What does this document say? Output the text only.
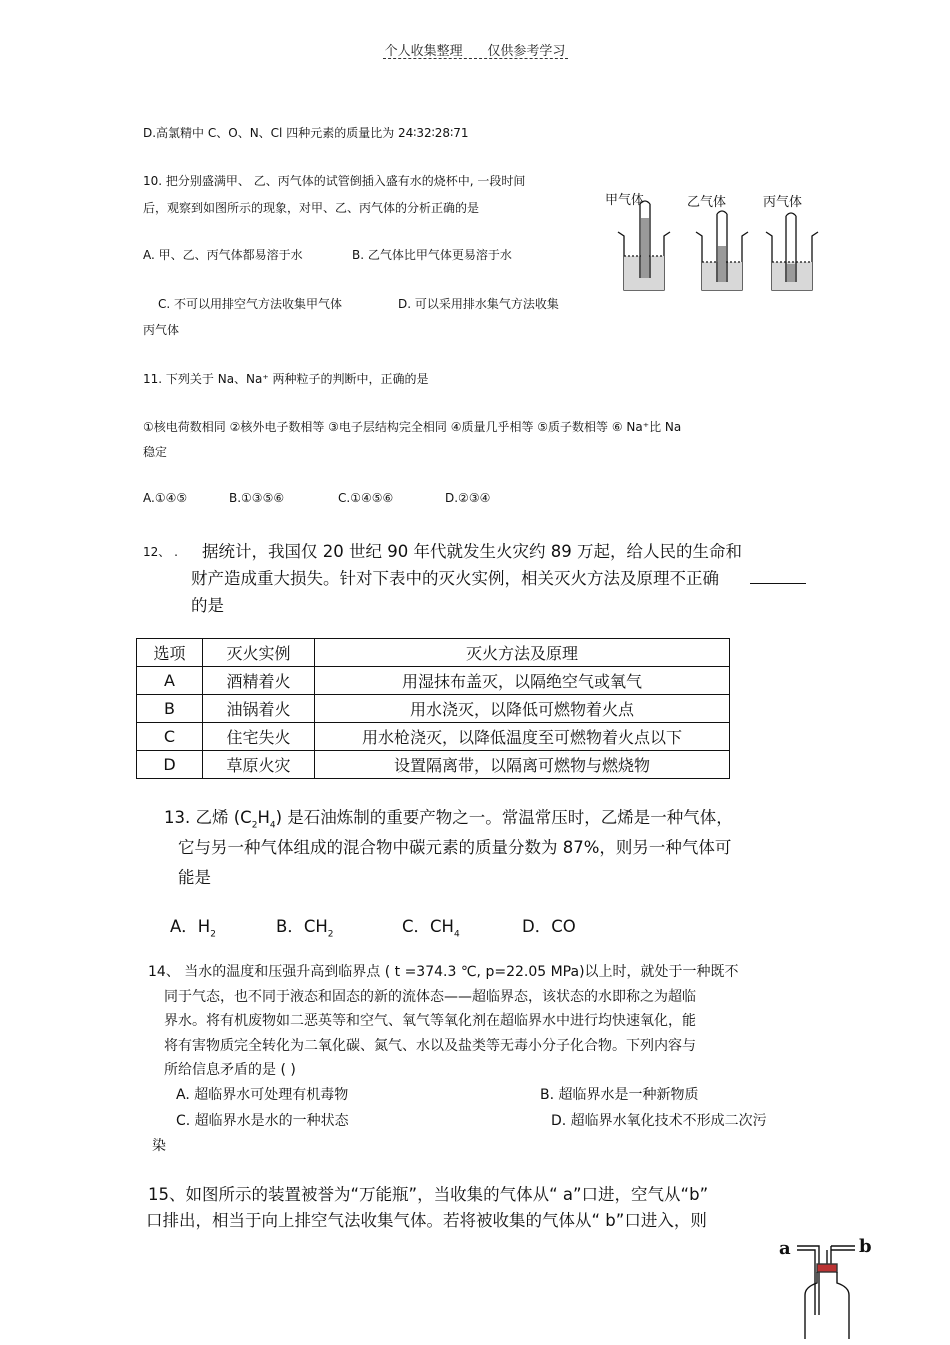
个人收集整理 仅供参考学习
D.高氯精中 C、O、N、Cl 四种元素的质量比为 24∶32∶28∶71
10. 把分别盛满甲、 乙、丙气体的试管倒插入盛有水的烧杯中, 一段时间
后，观察到如图所示的现象，对甲、乙、丙气体的分析正确的是
A. 甲、乙、丙气体都易溶于水	B. 乙气体比甲气体更易溶于水
C. 不可以用排空气方法收集甲气体	D. 可以采用排水集气方法收集
丙气体
甲气体	乙气体	丙气体
11. 下列关于 Na、Na⁺ 两种粒子的判断中，正确的是
①核电荷数相同 ②核外电子数相等 ③电子层结构完全相同 ④质量几乎相等 ⑤质子数相等 ⑥ Na⁺比 Na
稳定
A.①④⑤	B.①③⑤⑥	C.①④⑤⑥	D.②③④
12、 . 据统计，我国仅 20 世纪 90 年代就发生火灾约 89 万起，给人民的生命和
财产造成重大损失。针对下表中的灭火实例，相关灭火方法及原理不正确
的是
选项	灭火实例	灭火方法及原理
A	酒精着火	用湿抹布盖灭，以隔绝空气或氧气
B	油锅着火	用水浇灭，以降低可燃物着火点
C	住宅失火	用水枪浇灭，以降低温度至可燃物着火点以下
D	草原火灾	设置隔离带，以隔离可燃物与燃烧物
13. 乙烯 $(C_2H_4)$ 是石油炼制的重要产物之一。常温常压时，乙烯是一种气体，
它与另一种气体组成的混合物中碳元素的质量分数为 87%，则另一种气体可
能是
A．$H_2$	B．$CH_2$	C．$CH_4$	D．CO
14、 当水的温度和压强升高到临界点 ( t =374.3 ℃, p=22.05 MPa)以上时，就处于一种既不
同于气态，也不同于液态和固态的新的流体态——超临界态，该状态的水即称之为超临
界水。将有机废物如二恶英等和空气、氧气等氧化剂在超临界水中进行均快速氧化，能
将有害物质完全转化为二氧化碳、氮气、水以及盐类等无毒小分子化合物。下列内容与
所给信息矛盾的是 ( )
A. 超临界水可处理有机毒物	B. 超临界水是一种新物质
C. 超临界水是水的一种状态	D. 超临界水氧化技术不形成二次污
染
15、如图所示的装置被誉为“万能瓶”，当收集的气体从“ a”口进，空气从“b”
口排出，相当于向上排空气法收集气体。若将被收集的气体从“ b”口进入，则
a	b
